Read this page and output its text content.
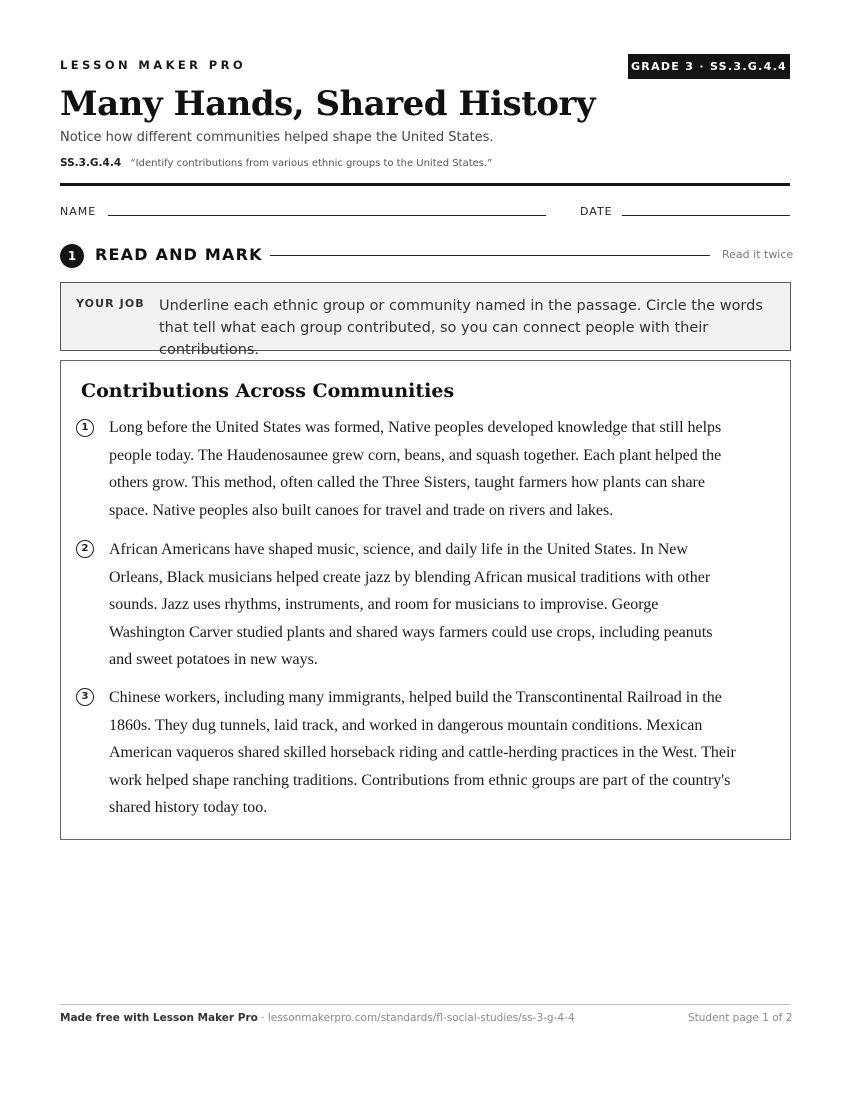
LESSON MAKER PRO	GRADE 3 · SS.3.G.4.4
Many Hands, Shared History
Notice how different communities helped shape the United States.
SS.3.G.4.4 “Identify contributions from various ethnic groups to the United States.”
NAME	DATE
1	READ AND MARK	Read it twice
YOUR JOB Underline each ethnic group or community named in the passage. Circle the words that tell what each group contributed, so you can connect people with their contributions.
Contributions Across Communities
1	Long before the United States was formed, Native peoples developed knowledge that still helps
people today. The Haudenosaunee grew corn, beans, and squash together. Each plant helped the
others grow. This method, often called the Three Sisters, taught farmers how plants can share
space. Native peoples also built canoes for travel and trade on rivers and lakes.
2	African Americans have shaped music, science, and daily life in the United States. In New
Orleans, Black musicians helped create jazz by blending African musical traditions with other
sounds. Jazz uses rhythms, instruments, and room for musicians to improvise. George
Washington Carver studied plants and shared ways farmers could use crops, including peanuts
and sweet potatoes in new ways.
3	Chinese workers, including many immigrants, helped build the Transcontinental Railroad in the
1860s. They dug tunnels, laid track, and worked in dangerous mountain conditions. Mexican
American vaqueros shared skilled horseback riding and cattle-herding practices in the West. Their
work helped shape ranching traditions. Contributions from ethnic groups are part of the country's
shared history today too.
Made free with Lesson Maker Pro · lessonmakerpro.com/standards/fl-social-studies/ss-3-g-4-4	Student page 1 of 2
